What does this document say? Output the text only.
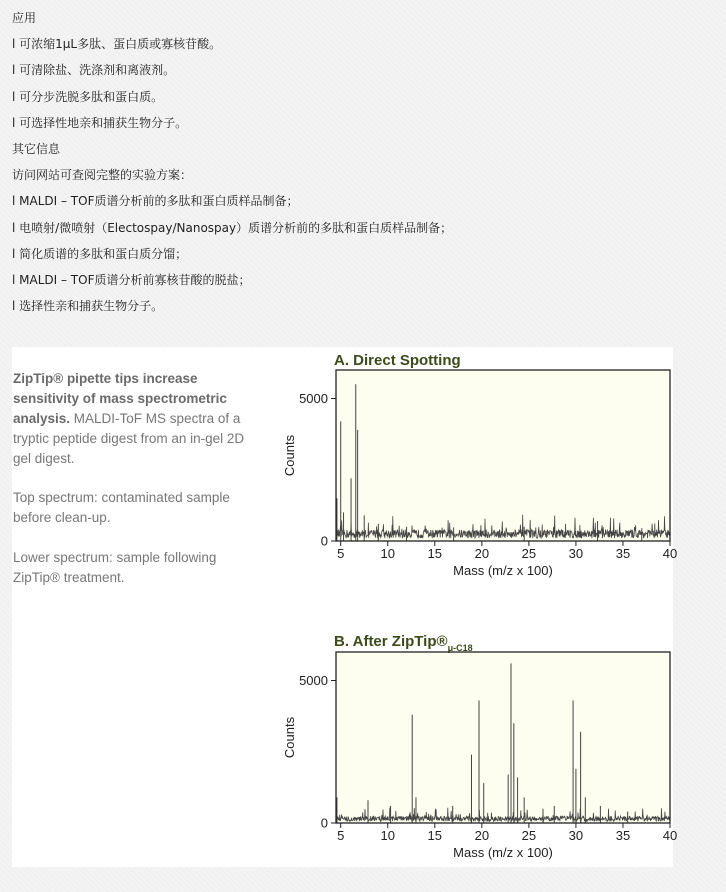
应用
l 可浓缩1μL多肽、蛋白质或寡核苷酸。
l 可清除盐、洗涤剂和离液剂。
l 可分步洗脱多肽和蛋白质。
l 可选择性地亲和捕获生物分子。
其它信息
访问网站可查阅完整的实验方案：
l MALDI – TOF质谱分析前的多肽和蛋白质样品制备；
l 电喷射/微喷射（Electospay/Nanospay）质谱分析前的多肽和蛋白质样品制备；
l 简化质谱的多肽和蛋白质分馏；
l MALDI – TOF质谱分析前寡核苷酸的脱盐；
l 选择性亲和捕获生物分子。
ZipTip® pipette tips increase sensitivity of mass spectrometric analysis. MALDI-ToF MS spectra of a tryptic peptide digest from an in-gel 2D gel digest.
Top spectrum: contaminated sample before clean-up.
Lower spectrum: sample following ZipTip® treatment.
A. Direct Spotting
5	10	15	20	25	30	35	40
0
5000
Mass (m/z x 100)
Counts
B. After $ZipTip®_{\mu-C18}$
5	10	15	20	25	30	35	40
0
5000
Mass (m/z x 100)
Counts
